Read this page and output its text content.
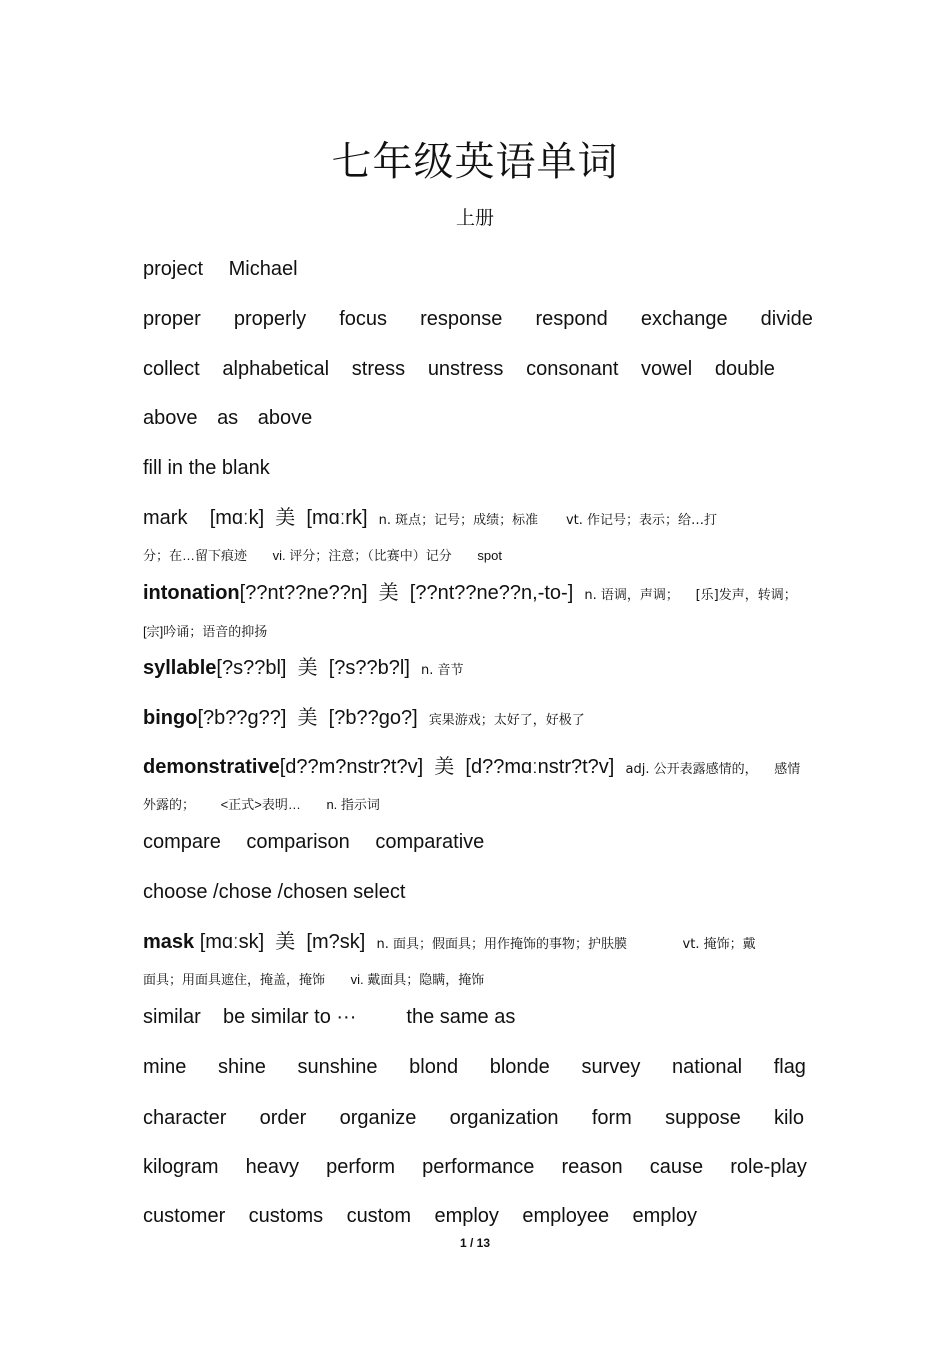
七年级英语单词
上册
project Michael
proper properly focus response respond exchange divide
collect alphabetical stress unstress consonant vowel double
above as above
fill in the blank
mark [mɑːk] 美 [mɑːrk] n. 斑点；记号；成绩；标准 vt. 作记号；表示；给…打
分；在…留下痕迹 vi. 评分；注意；（比赛中）记分 spot
intonation[??nt??ne??n] 美 [??nt??ne??n,-to-] n. 语调，声调； [乐]发声，转调；
[宗]吟诵；语音的抑扬
syllable[?s??bl] 美 [?s??b?l] n. 音节
bingo[?b??g??] 美 [?b??go?] 宾果游戏；太好了，好极了
demonstrative[d??m?nstr?t?v] 美 [d??mɑːnstr?t?v] adj. 公开表露感情的， 感情
外露的； <正式>表明… n. 指示词
compare comparison comparative
choose /chose /chosen select
mask [mɑːsk] 美 [m?sk] n. 面具；假面具；用作掩饰的事物；护肤膜	vt. 掩饰；戴
面具；用面具遮住，掩盖，掩饰 vi. 戴面具；隐瞒，掩饰
similar be similar to ···	the same as
mine shine sunshine blond blonde survey national flag
character order organize organization form suppose kilo
kilogram heavy perform performance reason cause role-play
customer customs custom employ employee employ
1 / 13
